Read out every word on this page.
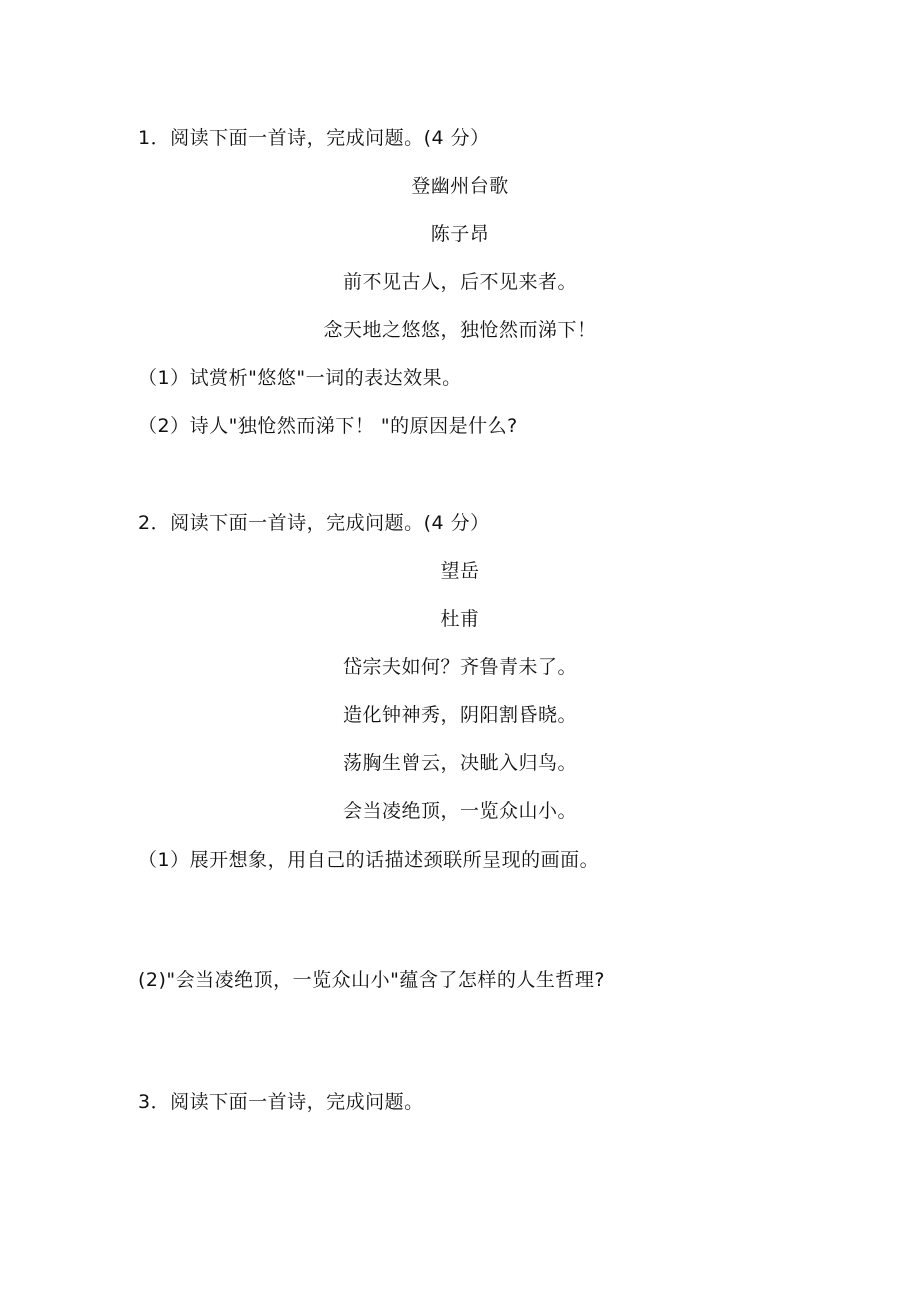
1．阅读下面一首诗，完成问题。(4 分）
登幽州台歌
陈子昂
前不见古人，后不见来者。
念天地之悠悠，独怆然而涕下！
（1）试赏析"悠悠"一词的表达效果。
（2）诗人"独怆然而涕下！ "的原因是什么?
2．阅读下面一首诗，完成问题。(4 分）
望岳
杜甫
岱宗夫如何？齐鲁青未了。
造化钟神秀，阴阳割昏晓。
荡胸生曾云，决眦入归鸟。
会当凌绝顶，一览众山小。
（1）展开想象，用自己的话描述颈联所呈现的画面。
(2)"会当凌绝顶，一览众山小"蕴含了怎样的人生哲理?
3．阅读下面一首诗，完成问题。
